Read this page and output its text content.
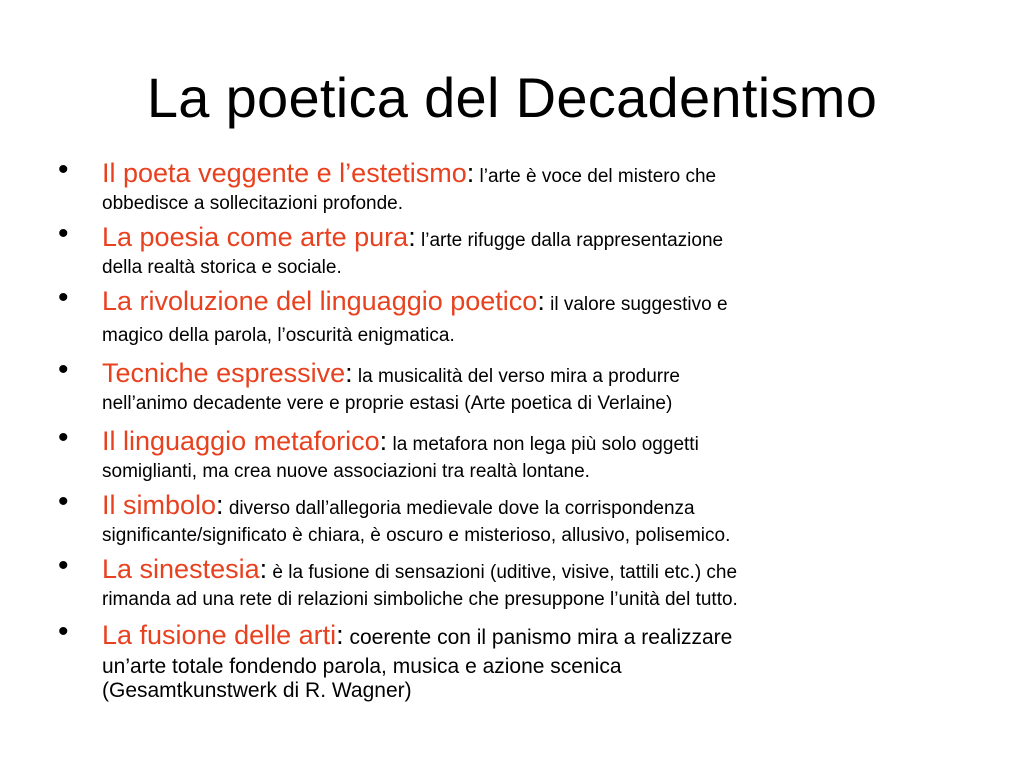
La poetica del Decadentismo
• Il poeta veggente e l’estetismo: l’arte è voce del mistero che
obbedisce a sollecitazioni profonde.
• La poesia come arte pura: l’arte rifugge dalla rappresentazione
della realtà storica e sociale.
• La rivoluzione del linguaggio poetico: il valore suggestivo e
magico della parola, l’oscurità enigmatica.
• Tecniche espressive: la musicalità del verso mira a produrre
nell’animo decadente vere e proprie estasi (Arte poetica di Verlaine)
• Il linguaggio metaforico: la metafora non lega più solo oggetti
somiglianti, ma crea nuove associazioni tra realtà lontane.
• Il simbolo: diverso dall’allegoria medievale dove la corrispondenza
significante/significato è chiara, è oscuro e misterioso, allusivo, polisemico.
• La sinestesia: è la fusione di sensazioni (uditive, visive, tattili etc.) che
rimanda ad una rete di relazioni simboliche che presuppone l’unità del tutto.
• La fusione delle arti: coerente con il panismo mira a realizzare
un’arte totale fondendo parola, musica e azione scenica
(Gesamtkunstwerk di R. Wagner)
